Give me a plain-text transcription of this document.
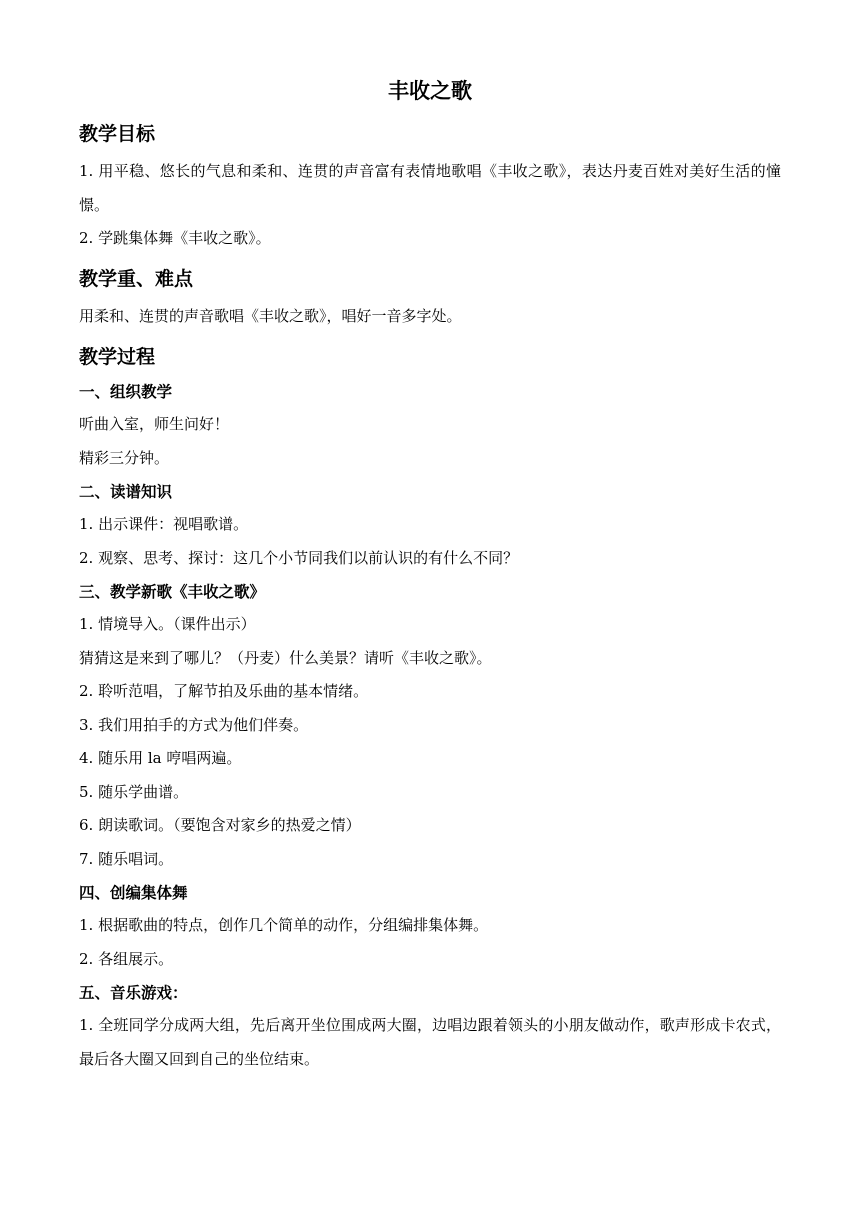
丰收之歌
教学目标
1. 用平稳、悠长的气息和柔和、连贯的声音富有表情地歌唱《丰收之歌》，表达丹麦百姓对美好生活的憧憬。
2. 学跳集体舞《丰收之歌》。
教学重、难点
用柔和、连贯的声音歌唱《丰收之歌》，唱好一音多字处。
教学过程
一、组织教学
听曲入室，师生问好！
精彩三分钟。
二、读谱知识
1. 出示课件：视唱歌谱。
2. 观察、思考、探讨：这几个小节同我们以前认识的有什么不同？
三、教学新歌《丰收之歌》
1. 情境导入。（课件出示）
猜猜这是来到了哪儿？（丹麦）什么美景？请听《丰收之歌》。
2. 聆听范唱，了解节拍及乐曲的基本情绪。
3. 我们用拍手的方式为他们伴奏。
4. 随乐用 la 哼唱两遍。
5. 随乐学曲谱。
6. 朗读歌词。（要饱含对家乡的热爱之情）
7. 随乐唱词。
四、创编集体舞
1. 根据歌曲的特点，创作几个简单的动作，分组编排集体舞。
2. 各组展示。
五、音乐游戏：
1. 全班同学分成两大组，先后离开坐位围成两大圈，边唱边跟着领头的小朋友做动作，歌声形成卡农式，最后各大圈又回到自己的坐位结束。
